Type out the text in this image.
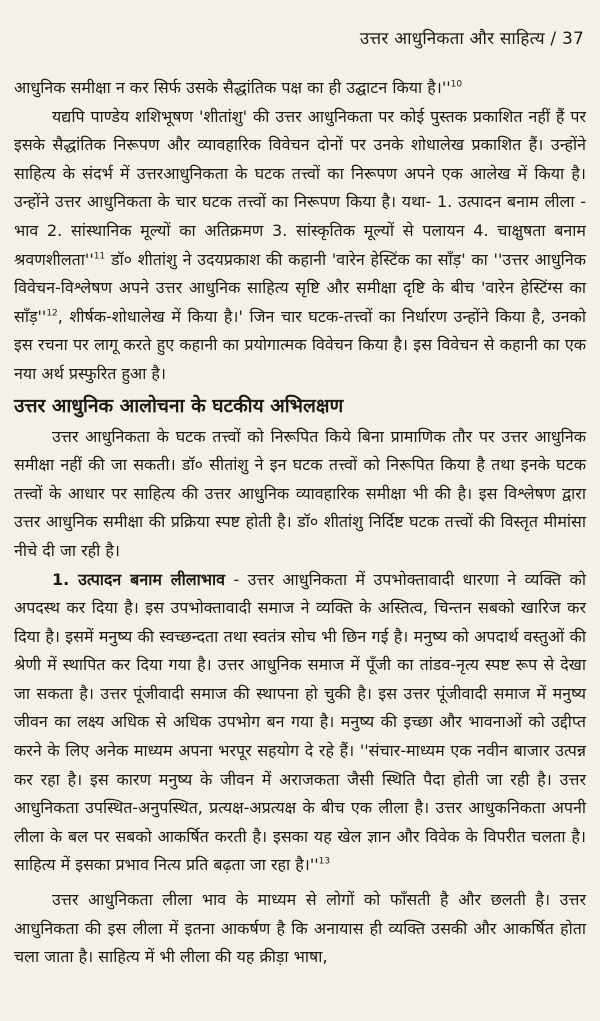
उत्तर आधुनिकता और साहित्य / 37

आधुनिक समीक्षा न कर सिर्फ उसके सैद्धांतिक पक्ष का ही उद्घाटन किया $है।''^{10}$

यद्यपि पाण्डेय शशिभूषण 'शीतांशु' की उत्तर आधुनिकता पर कोई पुस्तक प्रकाशित नहीं हैं पर इसके सैद्धांतिक निरूपण और व्यावहारिक विवेचन दोनों पर उनके शोधालेख प्रकाशित हैं। उन्होंने साहित्य के संदर्भ में उत्तरआधुनिकता के घटक तत्त्वों का निरूपण अपने एक आलेख में किया है। उन्होंने उत्तर आधुनिकता के चार घटक तत्त्वों का निरूपण किया है। यथा- 1. उत्पादन बनाम लीला - भाव 2. सांस्थानिक मूल्यों का अतिक्रमण 3. सांस्कृतिक मूल्यों से पलायन 4. चाक्षुषता बनाम $श्रवणशीलता''^{11}$ डॉ० शीतांशु ने उदयप्रकाश की कहानी 'वारेन हेस्टिंक का साँड़' का ''उत्तर आधुनिक विवेचन-विश्लेषण अपने उत्तर आधुनिक साहित्य सृष्टि और समीक्षा दृष्टि के बीच 'वारेन हेस्टिंग्स का $साँड़''^{12}$, शीर्षक-शोधालेख में किया है।' जिन चार घटक-तत्त्वों का निर्धारण उन्होंने किया है, उनको इस रचना पर लागू करते हुए कहानी का प्रयोगात्मक विवेचन किया है। इस विवेचन से कहानी का एक नया अर्थ प्रस्फुरित हुआ है।

उत्तर आधुनिक आलोचना के घटकीय अभिलक्षण

उत्तर आधुनिकता के घटक तत्त्वों को निरूपित किये बिना प्रामाणिक तौर पर उत्तर आधुनिक समीक्षा नहीं की जा सकती। डॉ० सीतांशु ने इन घटक तत्त्वों को निरूपित किया है तथा इनके घटक तत्त्वों के आधार पर साहित्य की उत्तर आधुनिक व्यावहारिक समीक्षा भी की है। इस विश्लेषण द्वारा उत्तर आधुनिक समीक्षा की प्रक्रिया स्पष्ट होती है। डॉ० शीतांशु निर्दिष्ट घटक तत्त्वों की विस्तृत मीमांसा नीचे दी जा रही है।

1. उत्पादन बनाम लीलाभाव - उत्तर आधुनिकता में उपभोक्तावादी धारणा ने व्यक्ति को अपदस्थ कर दिया है। इस उपभोक्तावादी समाज ने व्यक्ति के अस्तित्व, चिन्तन सबको खारिज कर दिया है। इसमें मनुष्य की स्वच्छन्दता तथा स्वतंत्र सोच भी छिन गई है। मनुष्य को अपदार्थ वस्तुओं की श्रेणी में स्थापित कर दिया गया है। उत्तर आधुनिक समाज में पूँजी का तांडव-नृत्य स्पष्ट रूप से देखा जा सकता है। उत्तर पूंजीवादी समाज की स्थापना हो चुकी है। इस उत्तर पूंजीवादी समाज में मनुष्य जीवन का लक्ष्य अधिक से अधिक उपभोग बन गया है। मनुष्य की इच्छा और भावनाओं को उद्दीप्त करने के लिए अनेक माध्यम अपना भरपूर सहयोग दे रहे हैं। ''संचार-माध्यम एक नवीन बाजार उत्पन्न कर रहा है। इस कारण मनुष्य के जीवन में अराजकता जैसी स्थिति पैदा होती जा रही है। उत्तर आधुनिकता उपस्थित-अनुपस्थित, प्रत्यक्ष-अप्रत्यक्ष के बीच एक लीला है। उत्तर आधुकनिकता अपनी लीला के बल पर सबको आकर्षित करती है। इसका यह खेल ज्ञान और विवेक के विपरीत चलता है। साहित्य में इसका प्रभाव नित्य प्रति बढ़ता जा रहा $है।''^{13}$

उत्तर आधुनिकता लीला भाव के माध्यम से लोगों को फाँसती है और छलती है। उत्तर आधुनिकता की इस लीला में इतना आकर्षण है कि अनायास ही व्यक्ति उसकी और आकर्षित होता चला जाता है। साहित्य में भी लीला की यह क्रीड़ा भाषा,
